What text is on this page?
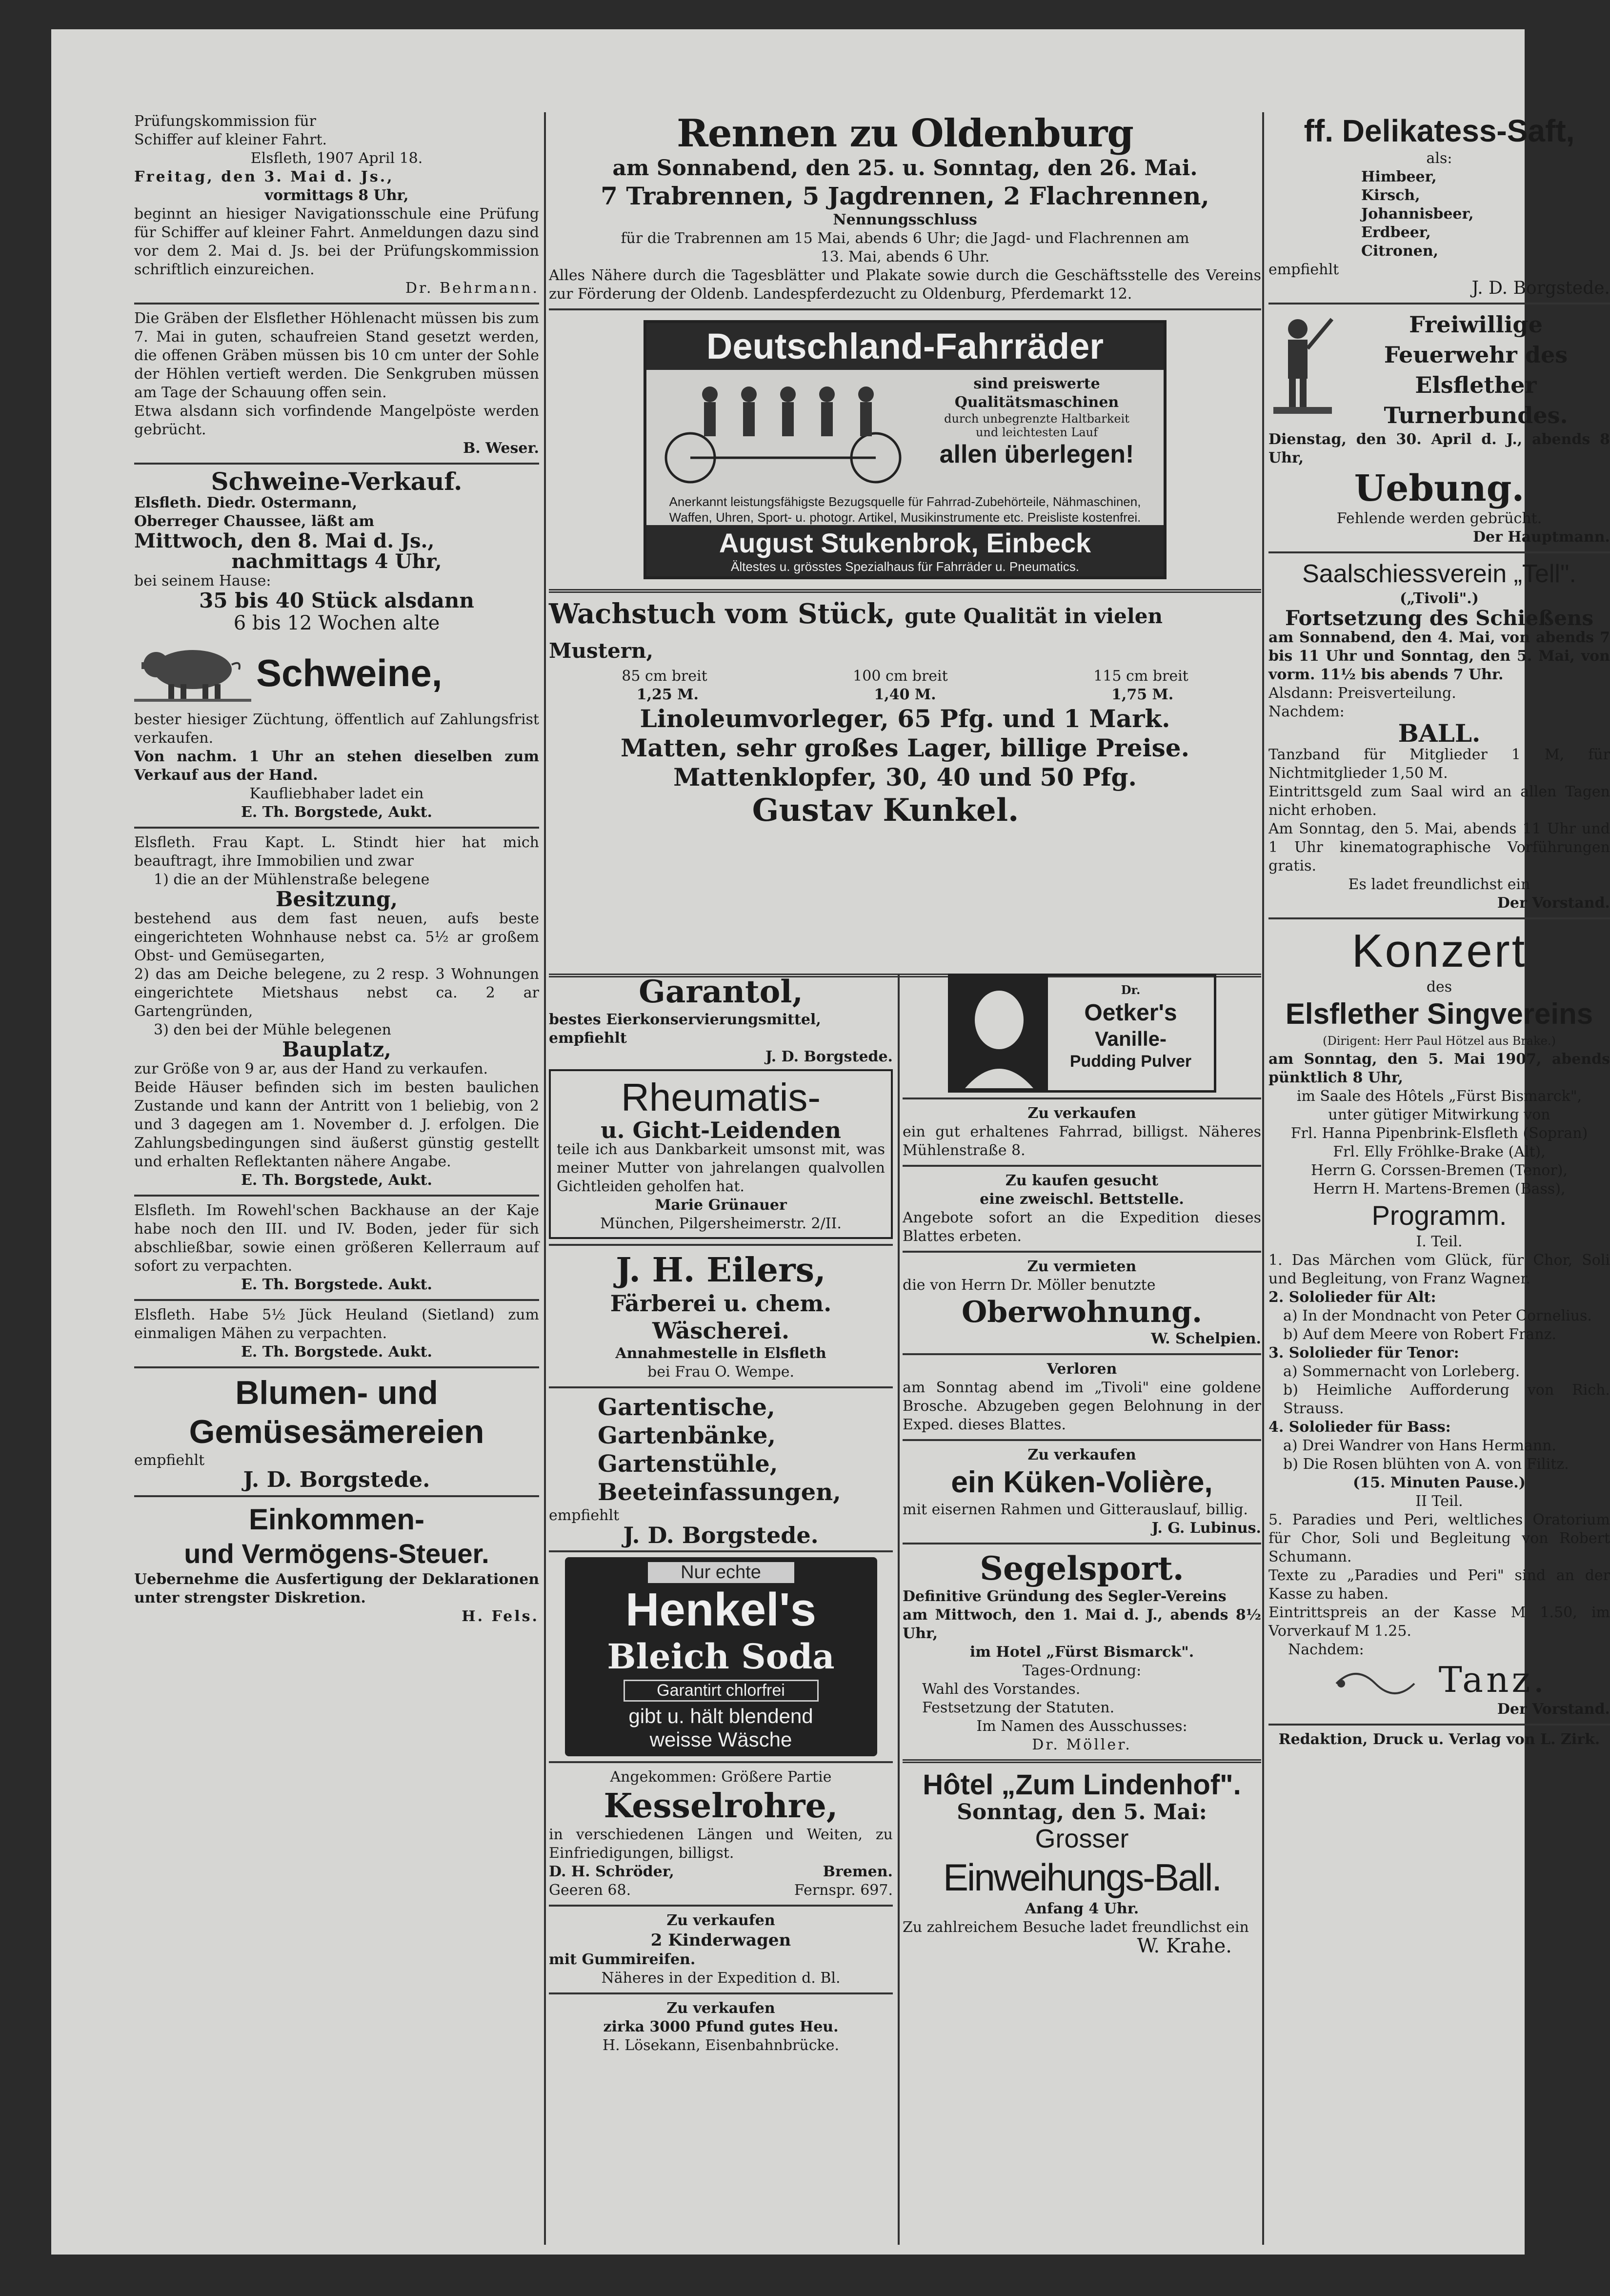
Prüfungskommission für

Schiffer auf kleiner Fahrt.

Elsfleth, 1907 April 18.

Freitag, den 3. Mai d. Js.,

vormittags 8 Uhr,

beginnt an hiesiger Navigationsschule eine Prüfung für Schiffer auf kleiner Fahrt. Anmeldungen dazu sind vor dem 2. Mai d. Js. bei der Prüfungskommission schriftlich einzureichen.

Dr. Behrmann.

Die Gräben der Elsflether Höhlenacht müssen bis zum 7. Mai in guten, schaufreien Stand gesetzt werden, die offenen Gräben müssen bis 10 cm unter der Sohle der Höhlen vertieft werden. Die Senkgruben müssen am Tage der Schauung offen sein.

Etwa alsdann sich vorfindende Mangelpöste werden gebrücht.

B. Weser.

Schweine-Verkauf.

Elsfleth. Diedr. Ostermann,

Oberreger Chaussee, läßt am

Mittwoch, den 8. Mai d. Js.,

nachmittags 4 Uhr,

bei seinem Hause:

35 bis 40 Stück alsdann

6 bis 12 Wochen alte

Schweine,

bester hiesiger Züchtung, öffentlich auf Zahlungsfrist verkaufen.

Von nachm. 1 Uhr an stehen dieselben zum Verkauf aus der Hand.

Kaufliebhaber ladet ein

E. Th. Borgstede, Aukt.

Elsfleth. Frau Kapt. L. Stindt hier hat mich beauftragt, ihre Immobilien und zwar

1) die an der Mühlenstraße belegene

Besitzung,

bestehend aus dem fast neuen, aufs beste eingerichteten Wohnhause nebst ca. 5½ ar großem Obst- und Gemüsegarten,

2) das am Deiche belegene, zu 2 resp. 3 Wohnungen eingerichtete Mietshaus nebst ca. 2 ar Gartengründen,

3) den bei der Mühle belegenen

Bauplatz,

zur Größe von 9 ar, aus der Hand zu verkaufen.

Beide Häuser befinden sich im besten baulichen Zustande und kann der Antritt von 1 beliebig, von 2 und 3 dagegen am 1. November d. J. erfolgen. Die Zahlungsbedingungen sind äußerst günstig gestellt und erhalten Reflektanten nähere Angabe.

E. Th. Borgstede, Aukt.

Elsfleth. Im Rowehl'schen Backhause an der Kaje habe noch den III. und IV. Boden, jeder für sich abschließbar, sowie einen größeren Kellerraum auf sofort zu verpachten.

E. Th. Borgstede. Aukt.

Elsfleth. Habe 5½ Jück Heuland (Sietland) zum einmaligen Mähen zu verpachten.

E. Th. Borgstede. Aukt.

Blumen- und

Gemüsesämereien

empfiehlt

J. D. Borgstede.

Einkommen-

und Vermögens-Steuer.

Uebernehme die Ausfertigung der Deklarationen unter strengster Diskretion.

H. Fels.

Rennen zu Oldenburg

am Sonnabend, den 25. u. Sonntag, den 26. Mai.

7 Trabrennen, 5 Jagdrennen, 2 Flachrennen,

Nennungsschluss

für die Trabrennen am 15 Mai, abends 6 Uhr; die Jagd- und Flachrennen am 13. Mai, abends 6 Uhr.

Alles Nähere durch die Tagesblätter und Plakate sowie durch die Geschäftsstelle des Vereins zur Förderung der Oldenb. Landespferdezucht zu Oldenburg, Pferdemarkt 12.

Deutschland-Fahrräder

sind preiswerte

Qualitätsmaschinen

durch unbegrenzte Haltbarkeit

und leichtesten Lauf

allen überlegen!

Anerkannt leistungsfähigste Bezugsquelle für Fahrrad-Zubehörteile, Nähmaschinen, Waffen, Uhren, Sport- u. photogr. Artikel, Musikinstrumente etc. Preisliste kostenfrei.

August Stukenbrok, Einbeck

Ältestes u. grösstes Spezialhaus für Fahrräder u. Pneumatics.

Wachstuch vom Stück, gute Qualität in vielen Mustern,

85 cm breit	100 cm breit	115 cm breit
1,25 M.	1,40 M.	1,75 M.

Linoleumvorleger, 65 Pfg. und 1 Mark.

Matten, sehr großes Lager, billige Preise.

Mattenklopfer, 30, 40 und 50 Pfg.

Gustav Kunkel.

Garantol,

bestes Eierkonservierungsmittel, empfiehlt

J. D. Borgstede.

Rheumatis-

u. Gicht-Leidenden

teile ich aus Dankbarkeit umsonst mit, was meiner Mutter von jahrelangen qualvollen Gichtleiden geholfen hat.

Marie Grünauer

München, Pilgersheimerstr. 2/II.

J. H. Eilers,

Färberei u. chem. Wäscherei.

Annahmestelle in Elsfleth

bei Frau O. Wempe.

Gartentische,

Gartenbänke,

Gartenstühle,

Beeteinfassungen,

empfiehlt

J. D. Borgstede.

Nur echte

Henkel's

Bleich Soda

Garantirt chlorfrei

gibt u. hält blendend

weisse Wäsche

Angekommen: Größere Partie

Kesselrohre,

in verschiedenen Längen und Weiten, zu Einfriedigungen, billigst.

D. H. Schröder,	Bremen.

Geeren 68.	Fernspr. 697.

Zu verkaufen

2 Kinderwagen

mit Gummireifen.

Näheres in der Expedition d. Bl.

Zu verkaufen

zirka 3000 Pfund gutes Heu.

H. Lösekann, Eisenbahnbrücke.

Dr.

Oetker's

Vanille-

Pudding Pulver

Zu verkaufen

ein gut erhaltenes Fahrrad, billigst. Näheres Mühlenstraße 8.

Zu kaufen gesucht

eine zweischl. Bettstelle.

Angebote sofort an die Expedition dieses Blattes erbeten.

Zu vermieten

die von Herrn Dr. Möller benutzte

Oberwohnung.

W. Schelpien.

Verloren

am Sonntag abend im „Tivoli" eine goldene Brosche. Abzugeben gegen Belohnung in der Exped. dieses Blattes.

Zu verkaufen

ein Küken-Volière,

mit eisernen Rahmen und Gitterauslauf, billig.

J. G. Lubinus.

Segelsport.

Definitive Gründung des Segler-Vereins

am Mittwoch, den 1. Mai d. J., abends 8½ Uhr,

im Hotel „Fürst Bismarck".

Tages-Ordnung:

Wahl des Vorstandes.

Festsetzung der Statuten.

Im Namen des Ausschusses:

Dr. Möller.

Hôtel „Zum Lindenhof".

Sonntag, den 5. Mai:

Grosser

Einweihungs-Ball.

Anfang 4 Uhr.

Zu zahlreichem Besuche ladet freundlichst ein

W. Krahe.

ff. Delikatess-Saft,

als:

Himbeer,

Kirsch,

Johannisbeer,

Erdbeer,

Citronen,

empfiehlt

J. D. Borgstede.

Freiwillige Feuerwehr des Elsflether Turnerbundes.

Dienstag, den 30. April d. J., abends 8 Uhr,

Uebung.

Fehlende werden gebrücht.

Der Hauptmann.

Saalschiessverein „Tell".

(„Tivoli".)

Fortsetzung des Schießens

am Sonnabend, den 4. Mai, von abends 7 bis 11 Uhr und Sonntag, den 5. Mai, von vorm. 11½ bis abends 7 Uhr.

Alsdann: Preisverteilung.

Nachdem:

BALL.

Tanzband für Mitglieder 1 M, für Nichtmitglieder 1,50 M.

Eintrittsgeld zum Saal wird an allen Tagen nicht erhoben.

Am Sonntag, den 5. Mai, abends 11 Uhr und 1 Uhr kinematographische Vorführungen gratis.

Es ladet freundlichst ein

Der Vorstand.

Konzert

des

Elsflether Singvereins

(Dirigent: Herr Paul Hötzel aus Brake.)

am Sonntag, den 5. Mai 1907, abends pünktlich 8 Uhr,

im Saale des Hôtels „Fürst Bismarck",

unter gütiger Mitwirkung von

Frl. Hanna Pipenbrink-Elsfleth (Sopran)

Frl. Elly Fröhlke-Brake (Alt),

Herrn G. Corssen-Bremen (Tenor),

Herrn H. Martens-Bremen (Bass),

Programm.

I. Teil.

1. Das Märchen vom Glück, für Chor, Soli und Begleitung, von Franz Wagner.

2. Sololieder für Alt:

a) In der Mondnacht von Peter Cornelius.

b) Auf dem Meere von Robert Franz.

3. Sololieder für Tenor:

a) Sommernacht von Lorleberg.

b) Heimliche Aufforderung von Rich. Strauss.

4. Sololieder für Bass:

a) Drei Wandrer von Hans Hermann.

b) Die Rosen blühten von A. von Filitz.

(15. Minuten Pause.)

II Teil.

5. Paradies und Peri, weltliches Oratorium für Chor, Soli und Begleitung von Robert Schumann.

Texte zu „Paradies und Peri" sind an der Kasse zu haben.

Eintrittspreis an der Kasse M 1.50, im Vorverkauf M 1.25.

Nachdem:

Tanz.

Der Vorstand.

Redaktion, Druck u. Verlag von L. Zirk.
